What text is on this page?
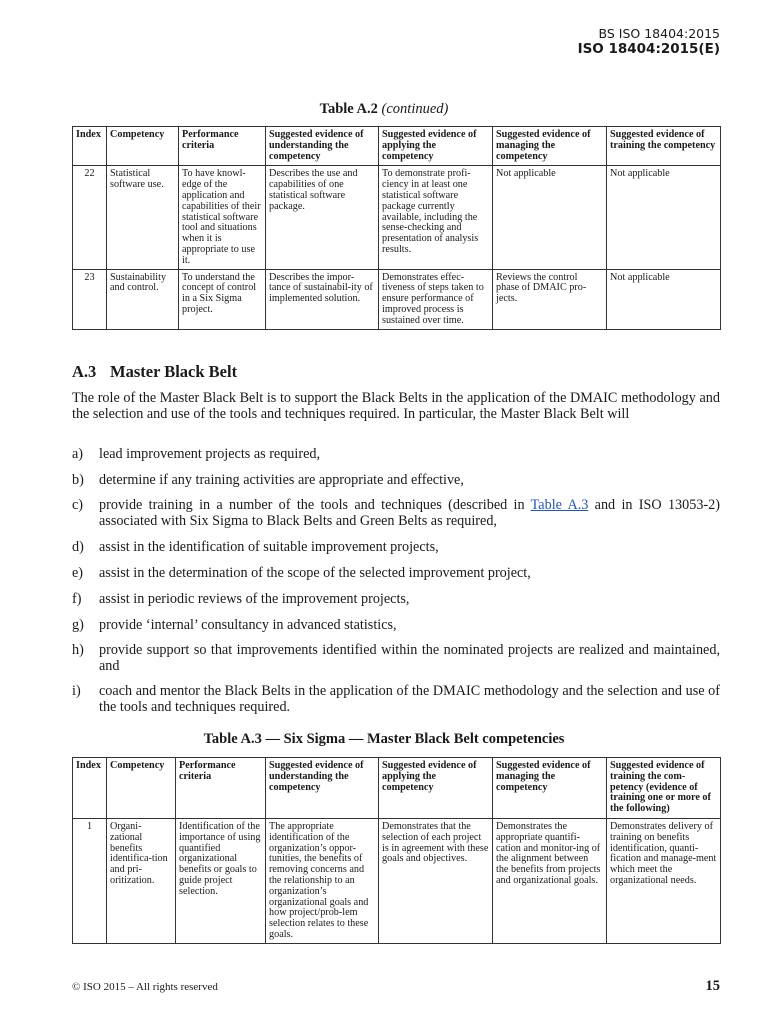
BS ISO 18404:2015
ISO 18404:2015(E)
Table A.2 (continued)
Index	Competency	Performance criteria	Suggested evidence of understanding the competency	Suggested evidence of applying the competency	Suggested evidence of managing the competency	Suggested evidence of training the competency
22	Statistical software use.	To have knowl-edge of the application and capabilities of their statistical software tool and situations when it is appropriate to use it.	Describes the use and capabilities of one statistical software package.	To demonstrate profi-ciency in at least one statistical software package currently available, including the sense-checking and presentation of analysis results.	Not applicable	Not applicable
23	Sustainability and control.	To understand the concept of control in a Six Sigma project.	Describes the impor-tance of sustainabil-ity of implemented solution.	Demonstrates effec-tiveness of steps taken to ensure performance of improved process is sustained over time.	Reviews the control phase of DMAIC pro-jects.	Not applicable
A.3 Master Black Belt
The role of the Master Black Belt is to support the Black Belts in the application of the DMAIC methodology and the selection and use of the tools and techniques required. In particular, the Master Black Belt will
a) lead improvement projects as required,
b) determine if any training activities are appropriate and effective,
c) provide training in a number of the tools and techniques (described in Table A.3 and in ISO 13053-2) associated with Six Sigma to Black Belts and Green Belts as required,
d) assist in the identification of suitable improvement projects,
e) assist in the determination of the scope of the selected improvement project,
f) assist in periodic reviews of the improvement projects,
g) provide ‘internal’ consultancy in advanced statistics,
h) provide support so that improvements identified within the nominated projects are realized and maintained, and
i) coach and mentor the Black Belts in the application of the DMAIC methodology and the selection and use of the tools and techniques required.
Table A.3 — Six Sigma — Master Black Belt competencies
Index	Competency	Performance criteria	Suggested evidence of understanding the competency	Suggested evidence of applying the competency	Suggested evidence of managing the competency	Suggested evidence of training the com-petency (evidence of training one or more of the following)
1	Organi-zational benefits identifica-tion and pri-oritization.	Identification of the importance of using quantified organizational benefits or goals to guide project selection.	The appropriate identification of the organization’s oppor-tunities, the benefits of removing concerns and the relationship to an organization’s organizational goals and how project/prob-lem selection relates to these goals.	Demonstrates that the selection of each project is in agreement with these goals and objectives.	Demonstrates the appropriate quantifi-cation and monitor-ing of the alignment between the benefits from projects and organizational goals.	Demonstrates delivery of training on benefits identification, quanti-fication and manage-ment which meet the organizational needs.
© ISO 2015 – All rights reserved	15
